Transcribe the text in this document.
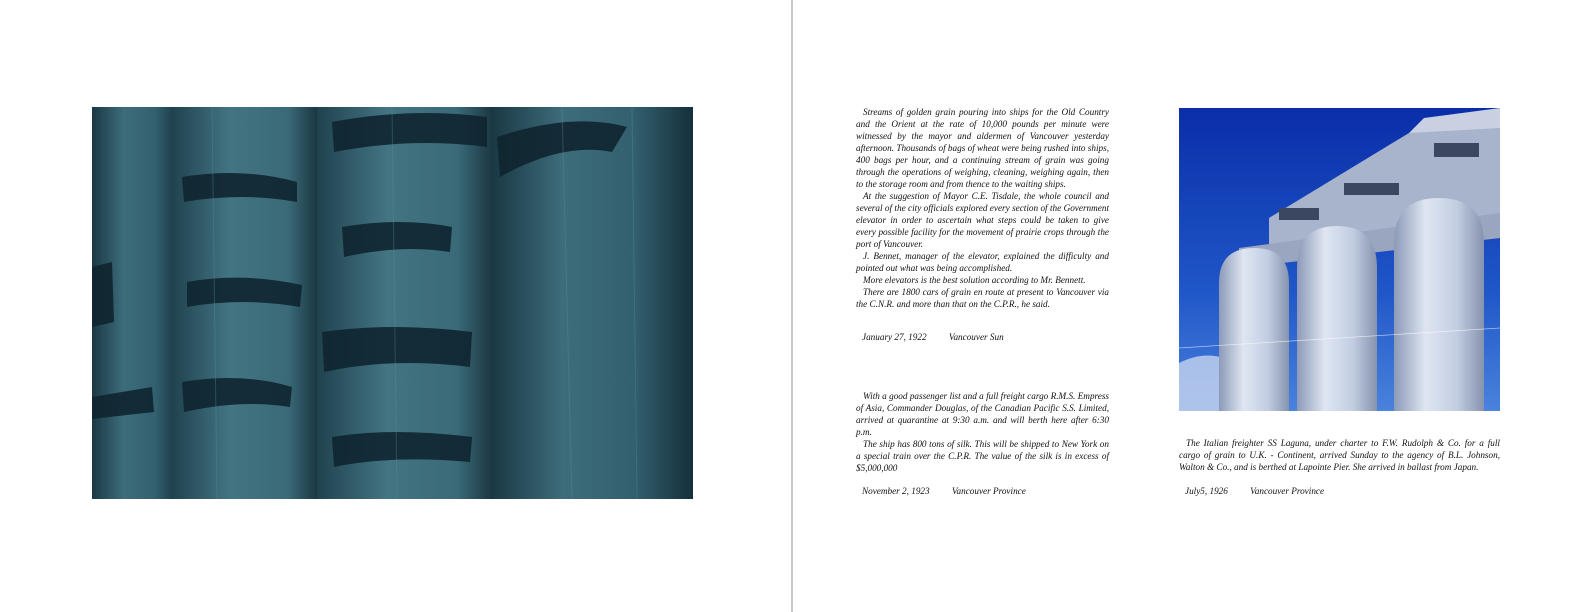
Streams of golden grain pouring into ships for the Old Country and the Orient at the rate of 10,000 pounds per minute were witnessed by the mayor and aldermen of Vancouver yesterday afternoon. Thousands of bags of wheat were being rushed into ships, 400 bags per hour, and a continuing stream of grain was going through the operations of weighing, cleaning, weighing again, then to the storage room and from thence to the waiting ships.

At the suggestion of Mayor C.E. Tisdale, the whole council and several of the city officials explored every section of the Government elevator in order to ascertain what steps could be taken to give every possible facility for the movement of prairie crops through the port of Vancouver.

J. Bennet, manager of the elevator, explained the difficulty and pointed out what was being accomplished.

More elevators is the best solution according to Mr. Bennett.

There are 1800 cars of grain en route at present to Vancouver via the C.N.R. and more than that on the C.P.R., he said.

January 27, 1922 Vancouver Sun

With a good passenger list and a full freight cargo R.M.S. Empress of Asia, Commander Douglas, of the Canadian Pacific S.S. Limited, arrived at quarantine at 9:30 a.m. and will berth here after 6:30 p.m.

The ship has 800 tons of silk. This will be shipped to New York on a special train over the C.P.R. The value of the silk is in excess of $5,000,000

November 2, 1923 Vancouver Province

The Italian freighter SS Laguna, under charter to F.W. Rudolph & Co. for a full cargo of grain to U.K. - Continent, arrived Sunday to the agency of B.L. Johnson, Walton & Co., and is berthed at Lapointe Pier. She arrived in ballast from Japan.

July5, 1926 Vancouver Province
